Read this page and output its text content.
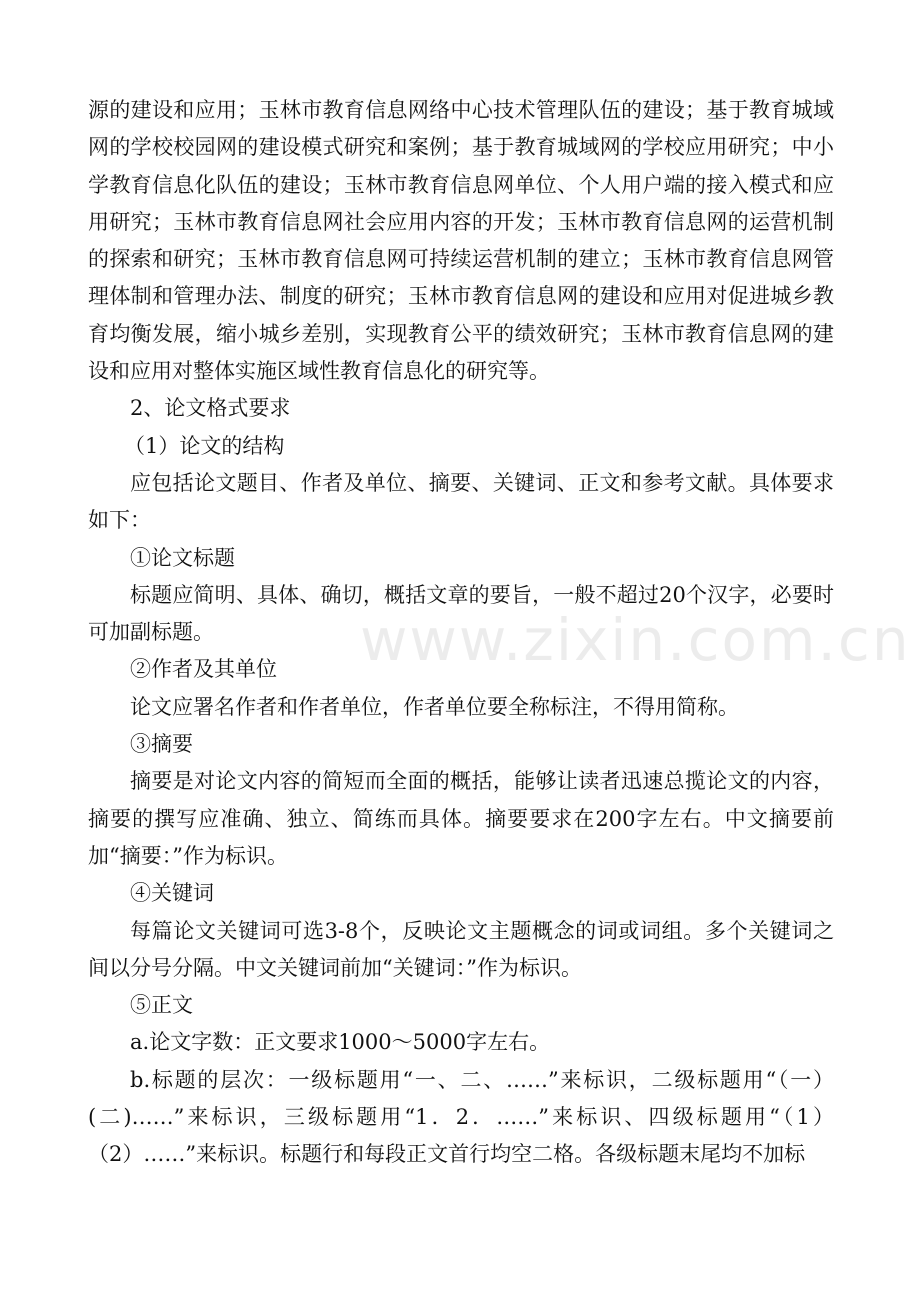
源的建设和应用；玉林市教育信息网络中心技术管理队伍的建设；基于教育城域网的学校校园网的建设模式研究和案例；基于教育城域网的学校应用研究；中小学教育信息化队伍的建设；玉林市教育信息网单位、个人用户端的接入模式和应用研究；玉林市教育信息网社会应用内容的开发；玉林市教育信息网的运营机制的探索和研究；玉林市教育信息网可持续运营机制的建立；玉林市教育信息网管理体制和管理办法、制度的研究；玉林市教育信息网的建设和应用对促进城乡教育均衡发展，缩小城乡差别，实现教育公平的绩效研究；玉林市教育信息网的建设和应用对整体实施区域性教育信息化的研究等。

2、论文格式要求

（1）论文的结构

应包括论文题目、作者及单位、摘要、关键词、正文和参考文献。具体要求如下：

①论文标题

标题应简明、具体、确切，概括文章的要旨，一般不超过20个汉字，必要时可加副标题。

②作者及其单位

论文应署名作者和作者单位，作者单位要全称标注，不得用简称。

③摘要

摘要是对论文内容的简短而全面的概括，能够让读者迅速总揽论文的内容，摘要的撰写应准确、独立、简练而具体。摘要要求在200字左右。中文摘要前加“摘要：”作为标识。

④关键词

每篇论文关键词可选3-8个，反映论文主题概念的词或词组。多个关键词之间以分号分隔。中文关键词前加“关键词：”作为标识。

⑤正文

a.论文字数：正文要求1000～5000字左右。

b.标题的层次：一级标题用“一、二、……”来标识，二级标题用“（一）(二)……”来标识，三级标题用“1．2．……”来标识、四级标题用“（1）（2）……”来标识。标题行和每段正文首行均空二格。各级标题末尾均不加标

www.zixin.com.cn
